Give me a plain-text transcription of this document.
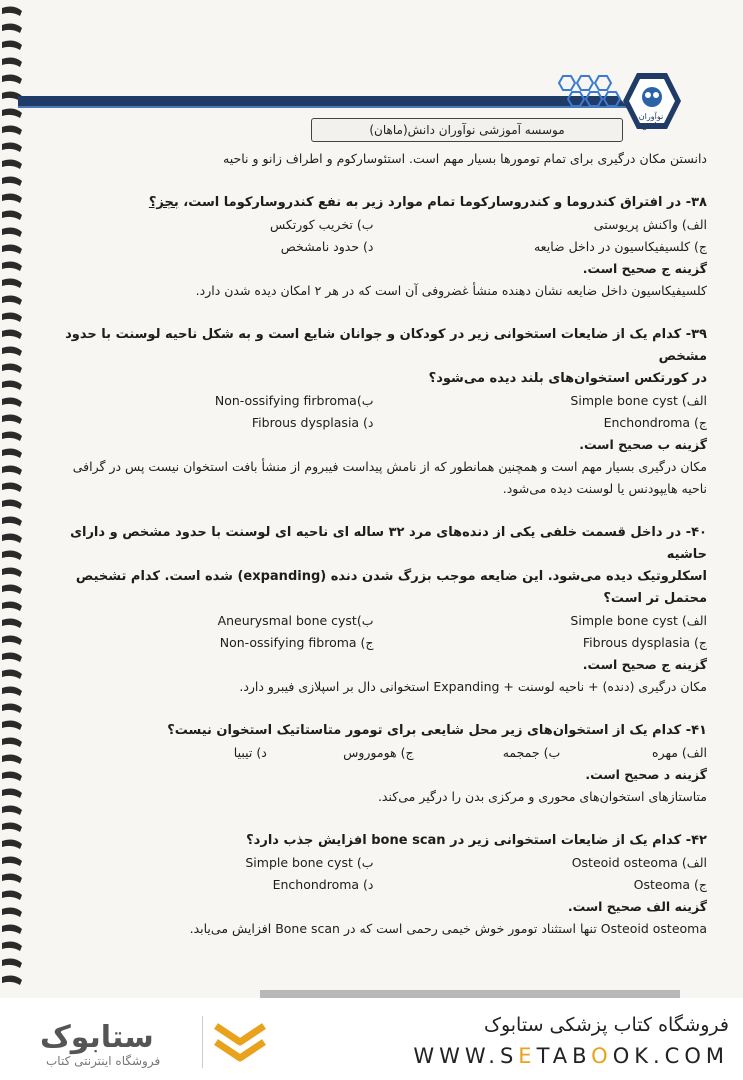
نوآوران دانش
موسسه آموزشی نوآوران دانش(ماهان)

دانستن مکان درگیری برای تمام تومورها بسیار مهم است. استئوسارکوم و اطراف زانو و ناحیه

۳۸- در افتراق کندروما و کندروسارکوما تمام موارد زیر به نفع کندروسارکوما است، بجز؟

الف) واکنش پریوستی
ب) تخریب کورتکس
ج) کلسیفیکاسیون در داخل ضایعه
د) حدود نامشخص

گزینه ج صحیح است.

کلسیفیکاسیون داخل ضایعه نشان دهنده منشأ غضروفی آن است که در هر ۲ امکان دیده شدن دارد.

۳۹- کدام یک از ضایعات استخوانی زیر در کودکان و جوانان شایع است و به شکل ناحیه لوسنت با حدود مشخص

در کورتکس استخوان‌های بلند دیده می‌شود؟

الف) Simple bone cyst
ب)Non-ossifying firbroma
ج) Enchondroma
د) Fibrous dysplasia

گزینه ب صحیح است.

مکان درگیری بسیار مهم است و همچنین همانطور که از نامش پیداست فیبروم از منشأ بافت استخوان نیست پس در گرافی

ناحیه هایپودنس یا لوسنت دیده می‌شود.

۴۰- در داخل قسمت خلفی یکی از دنده‌های مرد ۳۲ ساله ای ناحیه ای لوسنت با حدود مشخص و دارای حاشیه

اسکلروتیک دیده می‌شود. این ضایعه موجب بزرگ شدن دنده (expanding) شده است. کدام تشخیص محتمل تر است؟

الف) Simple bone cyst
ب)Aneurysmal bone cyst
ج) Fibrous dysplasia
ج) Non-ossifying fibroma

گزینه ج صحیح است.

مکان درگیری (دنده) + ناحیه لوسنت + Expanding استخوانی دال بر اسپلازی فیبرو دارد.

۴۱- کدام یک از استخوان‌های زیر محل شایعی برای تومور متاستاتیک استخوان نیست؟

الف) مهره
ب) جمجمه
ج) هوموروس
د) تیبیا

گزینه د صحیح است.

متاستازهای استخوان‌های محوری و مرکزی بدن را درگیر می‌کند.

۴۲- کدام یک از ضایعات استخوانی زیر در bone scan افزایش جذب دارد؟

الف) Osteoid osteoma
ب) Simple bone cyst
ج) Osteoma
د) Enchondroma

گزینه الف صحیح است.

Osteoid osteoma تنها استثناد تومور خوش خیمی رحمی است که در Bone scan افزایش می‌یابد.

فروشگاه کتاب پزشکی ستابوک
WWW.SETABOOK.COM
ستابوک
فروشگاه اینترنتی کتاب
